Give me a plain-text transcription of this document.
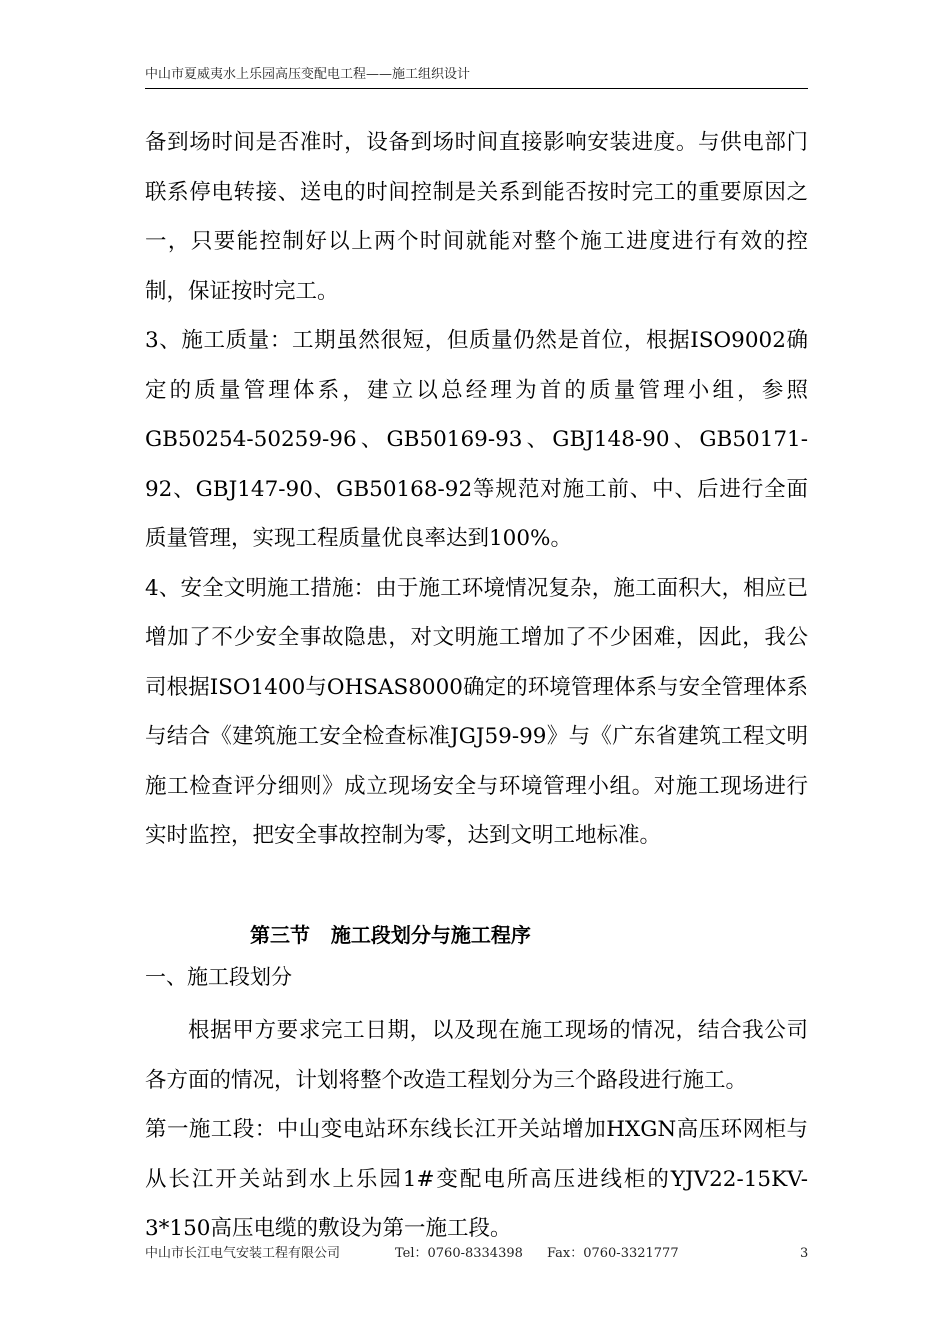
中山市夏威夷水上乐园高压变配电工程——施工组织设计

备到场时间是否准时，设备到场时间直接影响安装进度。与供电部门联系停电转接、送电的时间控制是关系到能否按时完工的重要原因之一，只要能控制好以上两个时间就能对整个施工进度进行有效的控制，保证按时完工。

3、施工质量：工期虽然很短，但质量仍然是首位，根据ISO9002确定的质量管理体系，建立以总经理为首的质量管理小组，参照GB50254-50259-96、GB50169-93、GBJ148-90、GB50171-92、GBJ147-90、GB50168-92等规范对施工前、中、后进行全面质量管理，实现工程质量优良率达到100%。

4、安全文明施工措施：由于施工环境情况复杂，施工面积大，相应已增加了不少安全事故隐患，对文明施工增加了不少困难，因此，我公司根据ISO1400与OHSAS8000确定的环境管理体系与安全管理体系与结合《建筑施工安全检查标准JGJ59-99》与《广东省建筑工程文明施工检查评分细则》成立现场安全与环境管理小组。对施工现场进行实时监控，把安全事故控制为零，达到文明工地标准。

第三节   施工段划分与施工程序
一、施工段划分

根据甲方要求完工日期，以及现在施工现场的情况，结合我公司各方面的情况，计划将整个改造工程划分为三个路段进行施工。

第一施工段：中山变电站环东线长江开关站增加HXGN高压环网柜与从长江开关站到水上乐园1#变配电所高压进线柜的YJV22-15KV-3*150高压电缆的敷设为第一施工段。

中山市长江电气安装工程有限公司	Tel：0760-8334398 Fax：0760-3321777	3
